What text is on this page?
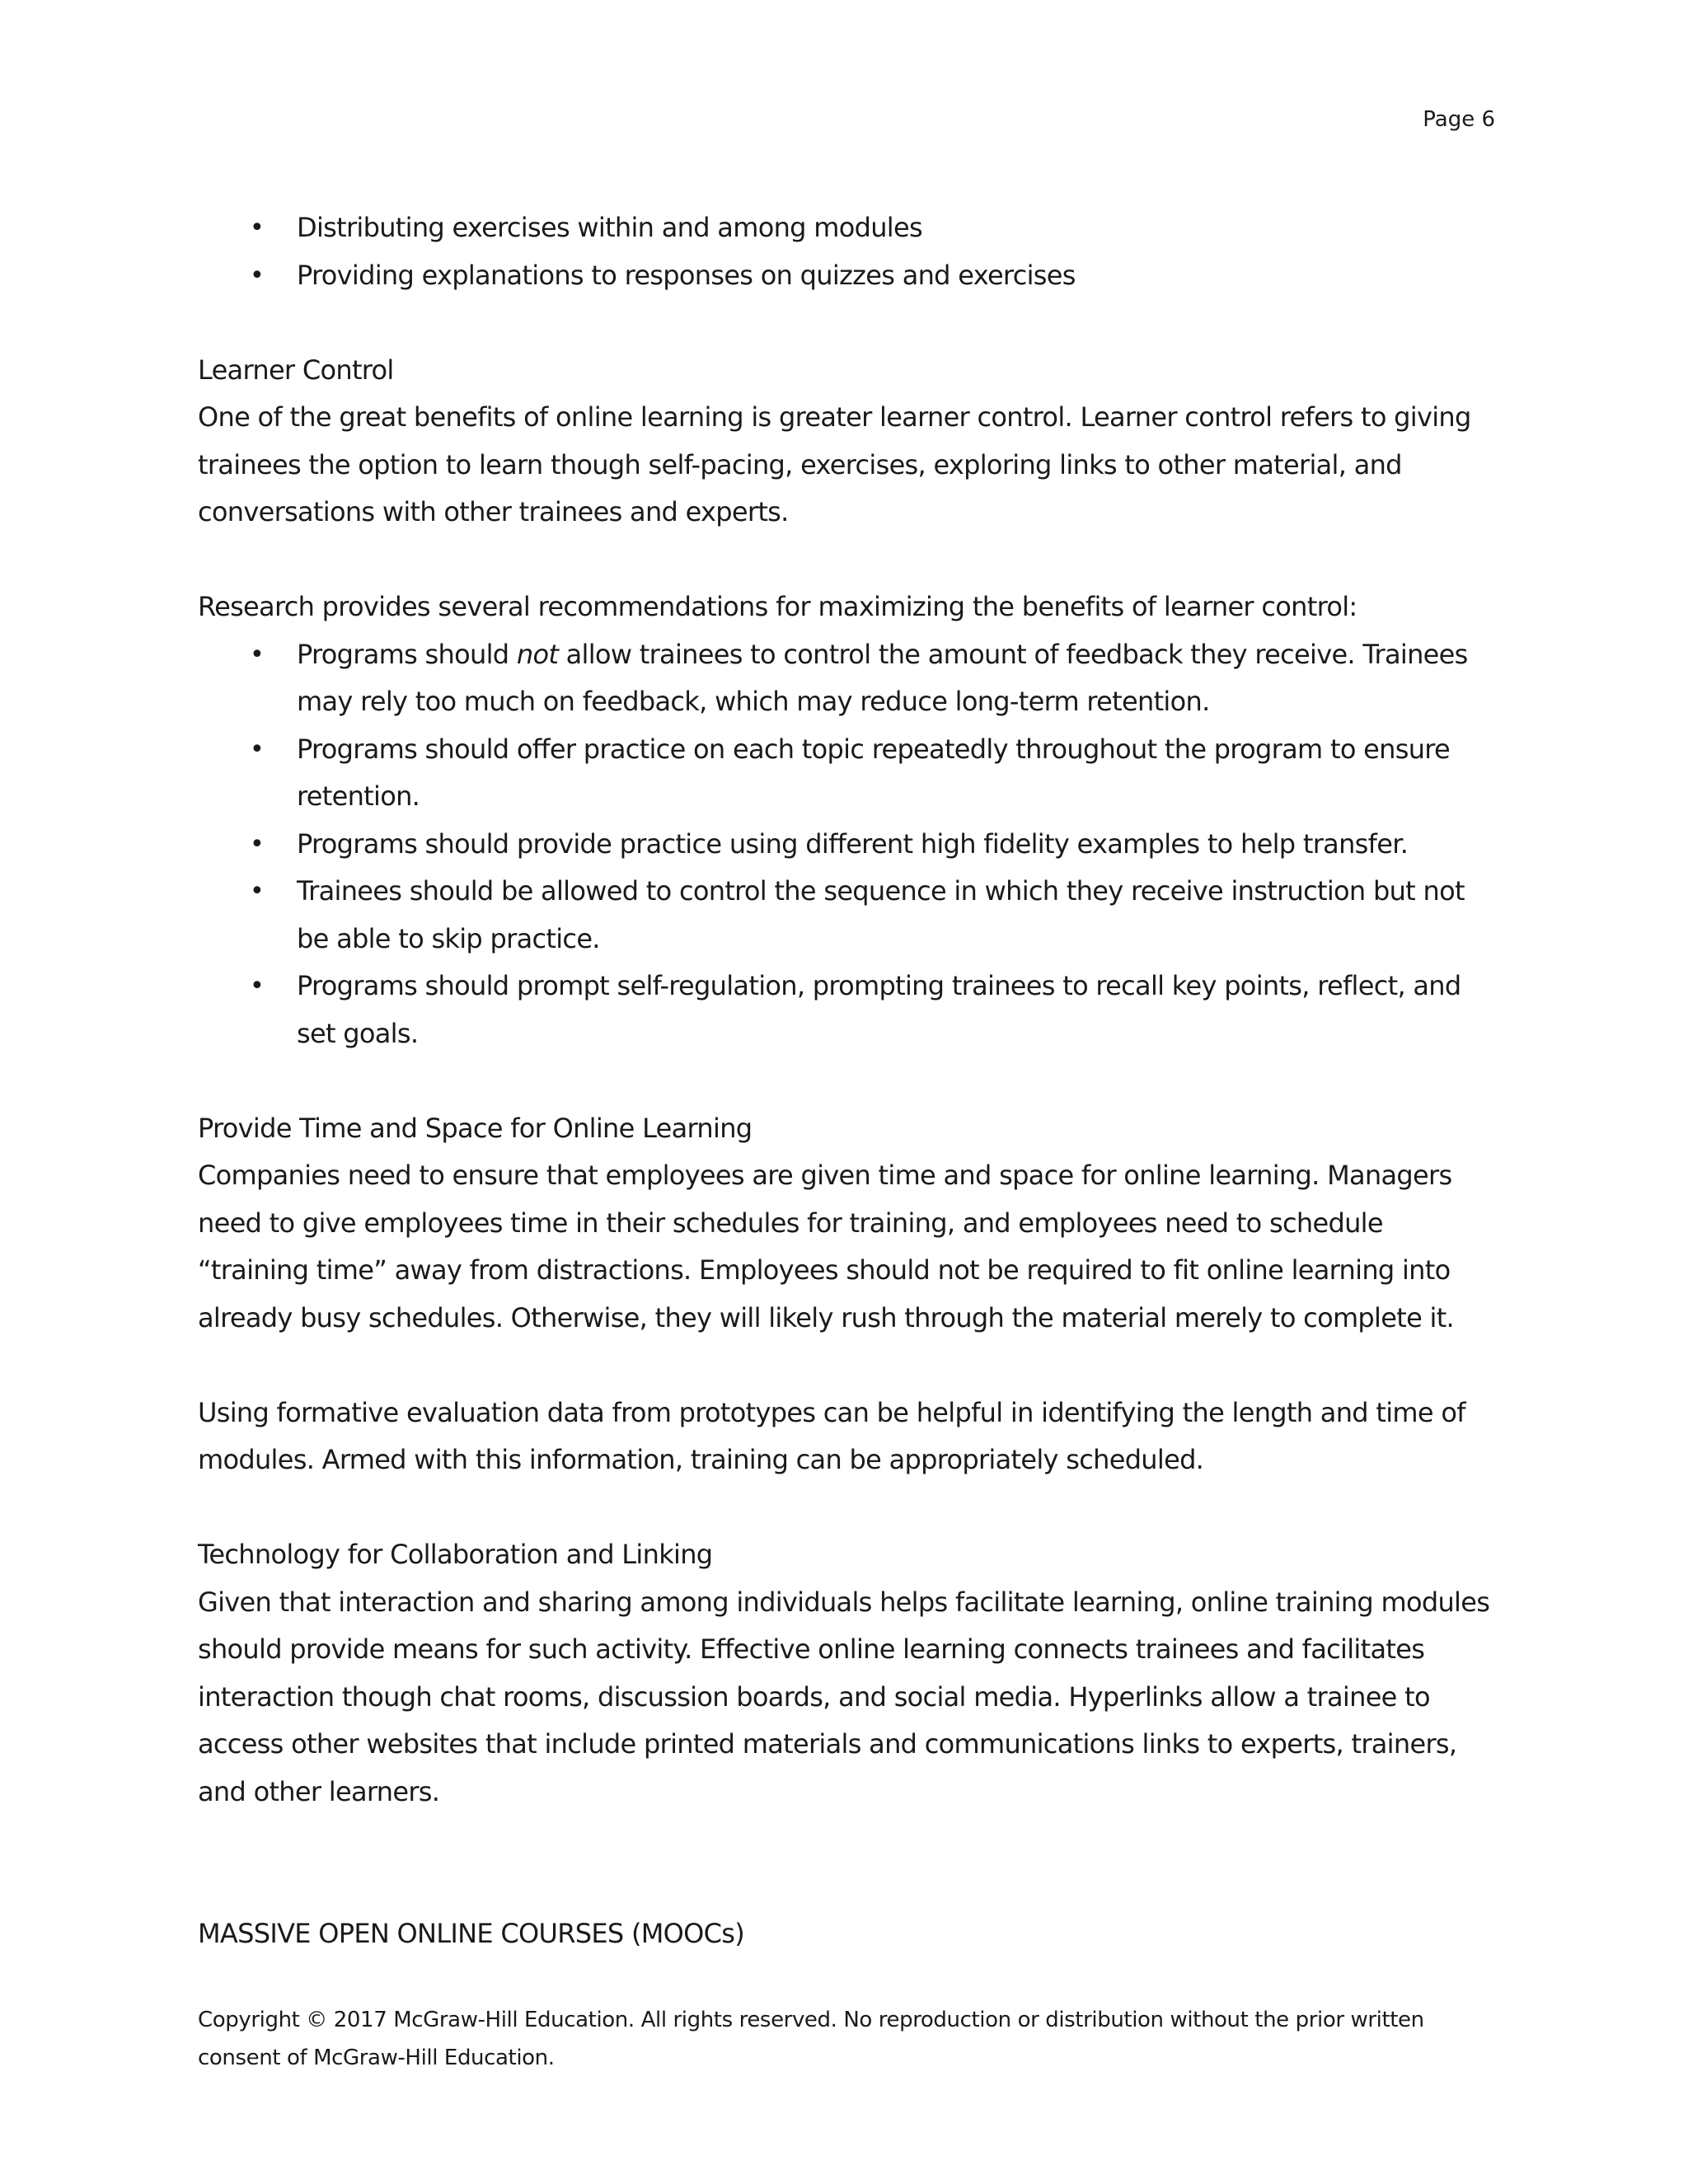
Page 6
• Distributing exercises within and among modules
• Providing explanations to responses on quizzes and exercises

Learner Control

One of the great benefits of online learning is greater learner control. Learner control refers to giving trainees the option to learn though self-pacing, exercises, exploring links to other material, and conversations with other trainees and experts.

Research provides several recommendations for maximizing the benefits of learner control:

• Programs should not allow trainees to control the amount of feedback they receive. Trainees may rely too much on feedback, which may reduce long-term retention.
• Programs should offer practice on each topic repeatedly throughout the program to ensure retention.
• Programs should provide practice using different high fidelity examples to help transfer.
• Trainees should be allowed to control the sequence in which they receive instruction but not be able to skip practice.
• Programs should prompt self-regulation, prompting trainees to recall key points, reflect, and set goals.

Provide Time and Space for Online Learning

Companies need to ensure that employees are given time and space for online learning. Managers need to give employees time in their schedules for training, and employees need to schedule “training time” away from distractions. Employees should not be required to fit online learning into already busy schedules. Otherwise, they will likely rush through the material merely to complete it.

Using formative evaluation data from prototypes can be helpful in identifying the length and time of modules. Armed with this information, training can be appropriately scheduled.

Technology for Collaboration and Linking

Given that interaction and sharing among individuals helps facilitate learning, online training modules should provide means for such activity. Effective online learning connects trainees and facilitates interaction though chat rooms, discussion boards, and social media. Hyperlinks allow a trainee to access other websites that include printed materials and communications links to experts, trainers, and other learners.

MASSIVE OPEN ONLINE COURSES (MOOCs)

Copyright © 2017 McGraw-Hill Education. All rights reserved. No reproduction or distribution without the prior written consent of McGraw-Hill Education.
